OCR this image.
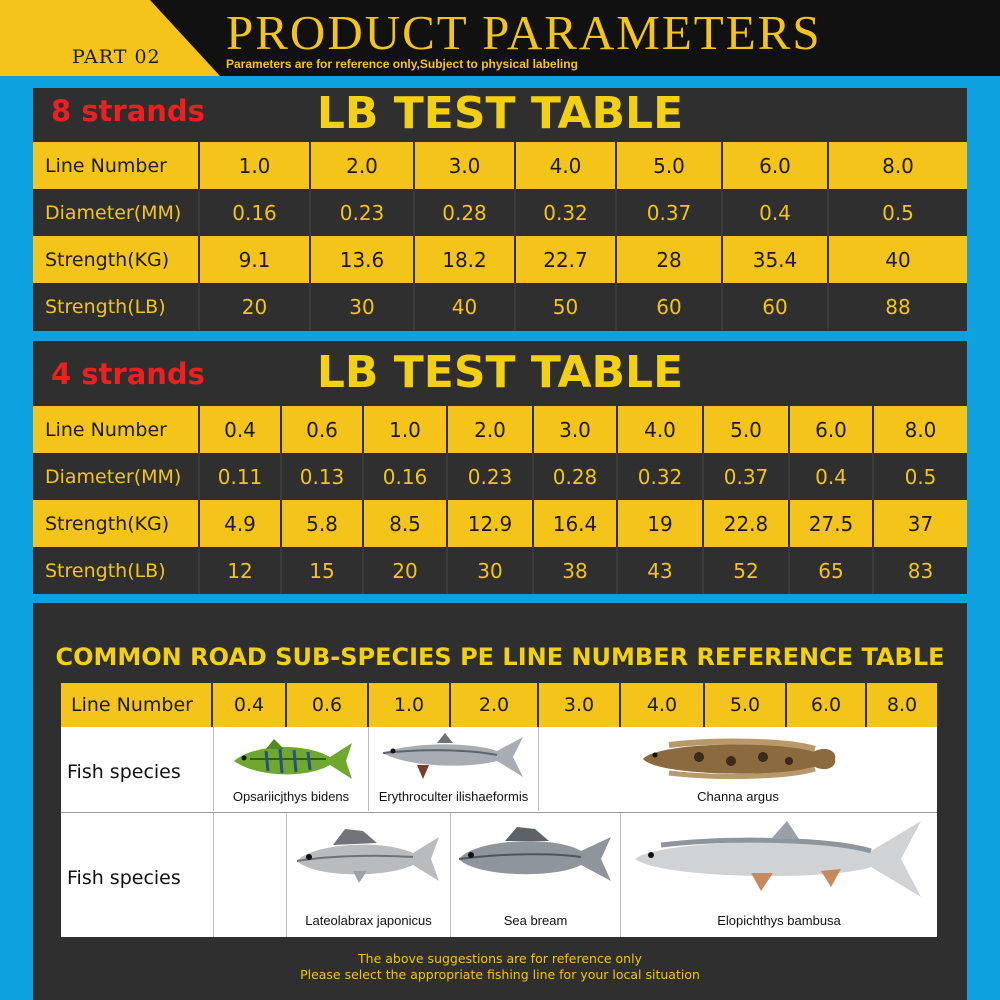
PART 02 PRODUCT PARAMETERS
Parameters are for reference only,Subject to physical labeling
8 strands	LB TEST TABLE
Line Number	1.0	2.0	3.0	4.0	5.0	6.0	8.0
Diameter(MM)	0.16	0.23	0.28	0.32	0.37	0.4	0.5
Strength(KG)	9.1	13.6	18.2	22.7	28	35.4	40
Strength(LB)	20	30	40	50	60	60	88
4 strands	LB TEST TABLE
Line Number	0.4	0.6	1.0	2.0	3.0	4.0	5.0	6.0	8.0
Diameter(MM)	0.11	0.13	0.16	0.23	0.28	0.32	0.37	0.4	0.5
Strength(KG)	4.9	5.8	8.5	12.9	16.4	19	22.8	27.5	37
Strength(LB)	12	15	20	30	38	43	52	65	83
COMMON ROAD SUB-SPECIES PE LINE NUMBER REFERENCE TABLE
Line Number	0.4	0.6	1.0	2.0	3.0	4.0	5.0	6.0	8.0
Fish species
Opsariicjthys bidens	Erythroculter ilishaeformis	Channa argus
Fish species
Lateolabrax japonicus	Sea bream	Elopichthys bambusa
The above suggestions are for reference only
Please select the appropriate fishing line for your local situation
